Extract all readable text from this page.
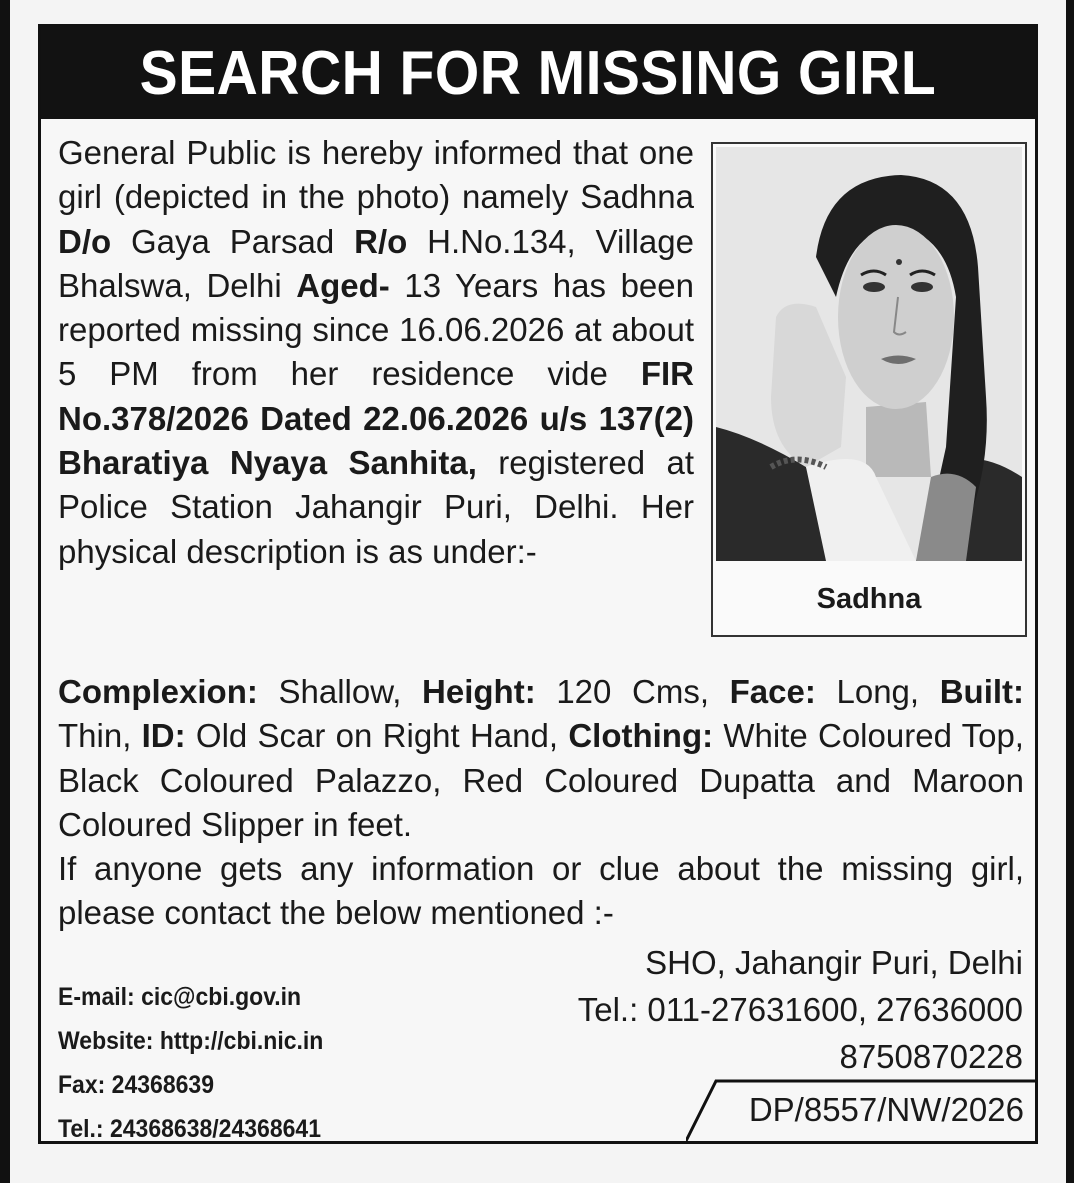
SEARCH FOR MISSING GIRL
General Public is hereby informed that one girl (depicted in the photo) namely Sadhna D/o Gaya Parsad R/o H.No.134, Village Bhalswa, Delhi Aged- 13 Years has been reported missing since 16.06.2026 at about 5 PM from her residence vide FIR No.378/2026 Dated 22.06.2026 u/s 137(2) Bharatiya Nyaya Sanhita, registered at Police Station Jahangir Puri, Delhi. Her physical description is as under:-
Sadhna
Complexion: Shallow, Height: 120 Cms, Face: Long, Built: Thin, ID: Old Scar on Right Hand, Clothing: White Coloured Top, Black Coloured Palazzo, Red Coloured Dupatta and Maroon Coloured Slipper in feet.
If anyone gets any information or clue about the missing girl, please contact the below mentioned :-
E-mail: cic@cbi.gov.in
Website: http://cbi.nic.in
Fax: 24368639
Tel.: 24368638/24368641
SHO, Jahangir Puri, Delhi
Tel.: 011-27631600, 27636000
8750870228
DP/8557/NW/2026
